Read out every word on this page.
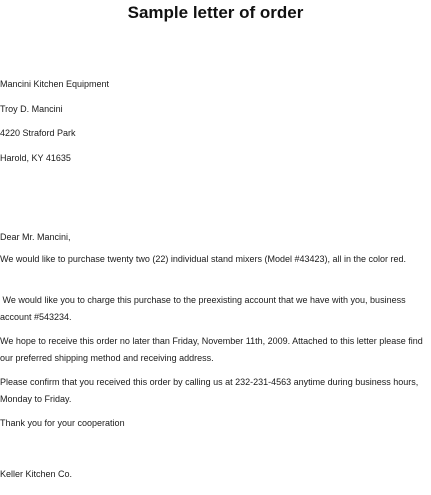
Sample letter of order
Mancini Kitchen Equipment
Troy D. Mancini
4220 Straford Park
Harold, KY 41635
Dear Mr. Mancini,
We would like to purchase twenty two (22) individual stand mixers (Model #43423), all in the color red.
We would like you to charge this purchase to the preexisting account that we have with you, business account #543234.
We hope to receive this order no later than Friday, November 11th, 2009. Attached to this letter please find our preferred shipping method and receiving address.
Please confirm that you received this order by calling us at 232-231-4563 anytime during business hours, Monday to Friday.
Thank you for your cooperation
Keller Kitchen Co.
